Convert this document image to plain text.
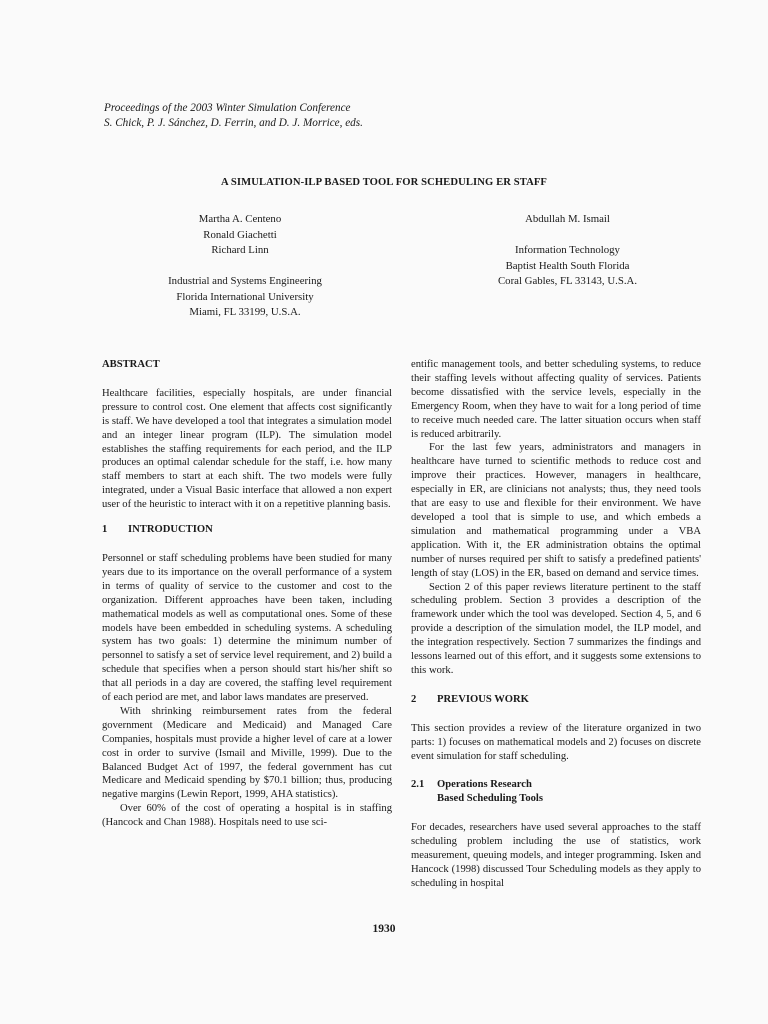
Proceedings of the 2003 Winter Simulation Conference
S. Chick, P. J. Sánchez, D. Ferrin, and D. J. Morrice, eds.
A SIMULATION-ILP BASED TOOL FOR SCHEDULING ER STAFF
Martha A. Centeno
Ronald Giachetti
Richard Linn
Industrial and Systems Engineering
Florida International University
Miami, FL 33199, U.S.A.
Abdullah M. Ismail
Information Technology
Baptist Health South Florida
Coral Gables, FL 33143, U.S.A.
ABSTRACT

Healthcare facilities, especially hospitals, are under financial pressure to control cost. One element that affects cost significantly is staff. We have developed a tool that integrates a simulation model and an integer linear program (ILP). The simulation model establishes the staffing requirements for each period, and the ILP produces an optimal calendar schedule for the staff, i.e. how many staff members to start at each shift. The two models were fully integrated, under a Visual Basic interface that allowed a non expert user of the heuristic to interact with it on a repetitive planning basis.

1 INTRODUCTION

Personnel or staff scheduling problems have been studied for many years due to its importance on the overall performance of a system in terms of quality of service to the customer and cost to the organization. Different approaches have been taken, including mathematical models as well as computational ones. Some of these models have been embedded in scheduling systems. A scheduling system has two goals: 1) determine the minimum number of personnel to satisfy a set of service level requirement, and 2) build a schedule that specifies when a person should start his/her shift so that all periods in a day are covered, the staffing level requirement of each period are met, and labor laws mandates are preserved.

With shrinking reimbursement rates from the federal government (Medicare and Medicaid) and Managed Care Companies, hospitals must provide a higher level of care at a lower cost in order to survive (Ismail and Miville, 1999). Due to the Balanced Budget Act of 1997, the federal government has cut Medicare and Medicaid spending by $70.1 billion; thus, producing negative margins (Lewin Report, 1999, AHA statistics).

Over 60% of the cost of operating a hospital is in staffing (Hancock and Chan 1988). Hospitals need to use sci-

entific management tools, and better scheduling systems, to reduce their staffing levels without affecting quality of services. Patients become dissatisfied with the service levels, especially in the Emergency Room, when they have to wait for a long period of time to receive much needed care. The latter situation occurs when staff is reduced arbitrarily.

For the last few years, administrators and managers in healthcare have turned to scientific methods to reduce cost and improve their practices. However, managers in healthcare, especially in ER, are clinicians not analysts; thus, they need tools that are easy to use and flexible for their environment. We have developed a tool that is simple to use, and which embeds a simulation and mathematical programming under a VBA application. With it, the ER administration obtains the optimal number of nurses required per shift to satisfy a predefined patients' length of stay (LOS) in the ER, based on demand and service times.

Section 2 of this paper reviews literature pertinent to the staff scheduling problem. Section 3 provides a description of the framework under which the tool was developed. Section 4, 5, and 6 provide a description of the simulation model, the ILP model, and the integration respectively. Section 7 summarizes the findings and lessons learned out of this effort, and it suggests some extensions to this work.

2 PREVIOUS WORK

This section provides a review of the literature organized in two parts: 1) focuses on mathematical models and 2) focuses on discrete event simulation for staff scheduling.

2.1 Operations Research
Based Scheduling Tools

For decades, researchers have used several approaches to the staff scheduling problem including the use of statistics, work measurement, queuing models, and integer programming. Isken and Hancock (1998) discussed Tour Scheduling models as they apply to scheduling in hospital

1930
